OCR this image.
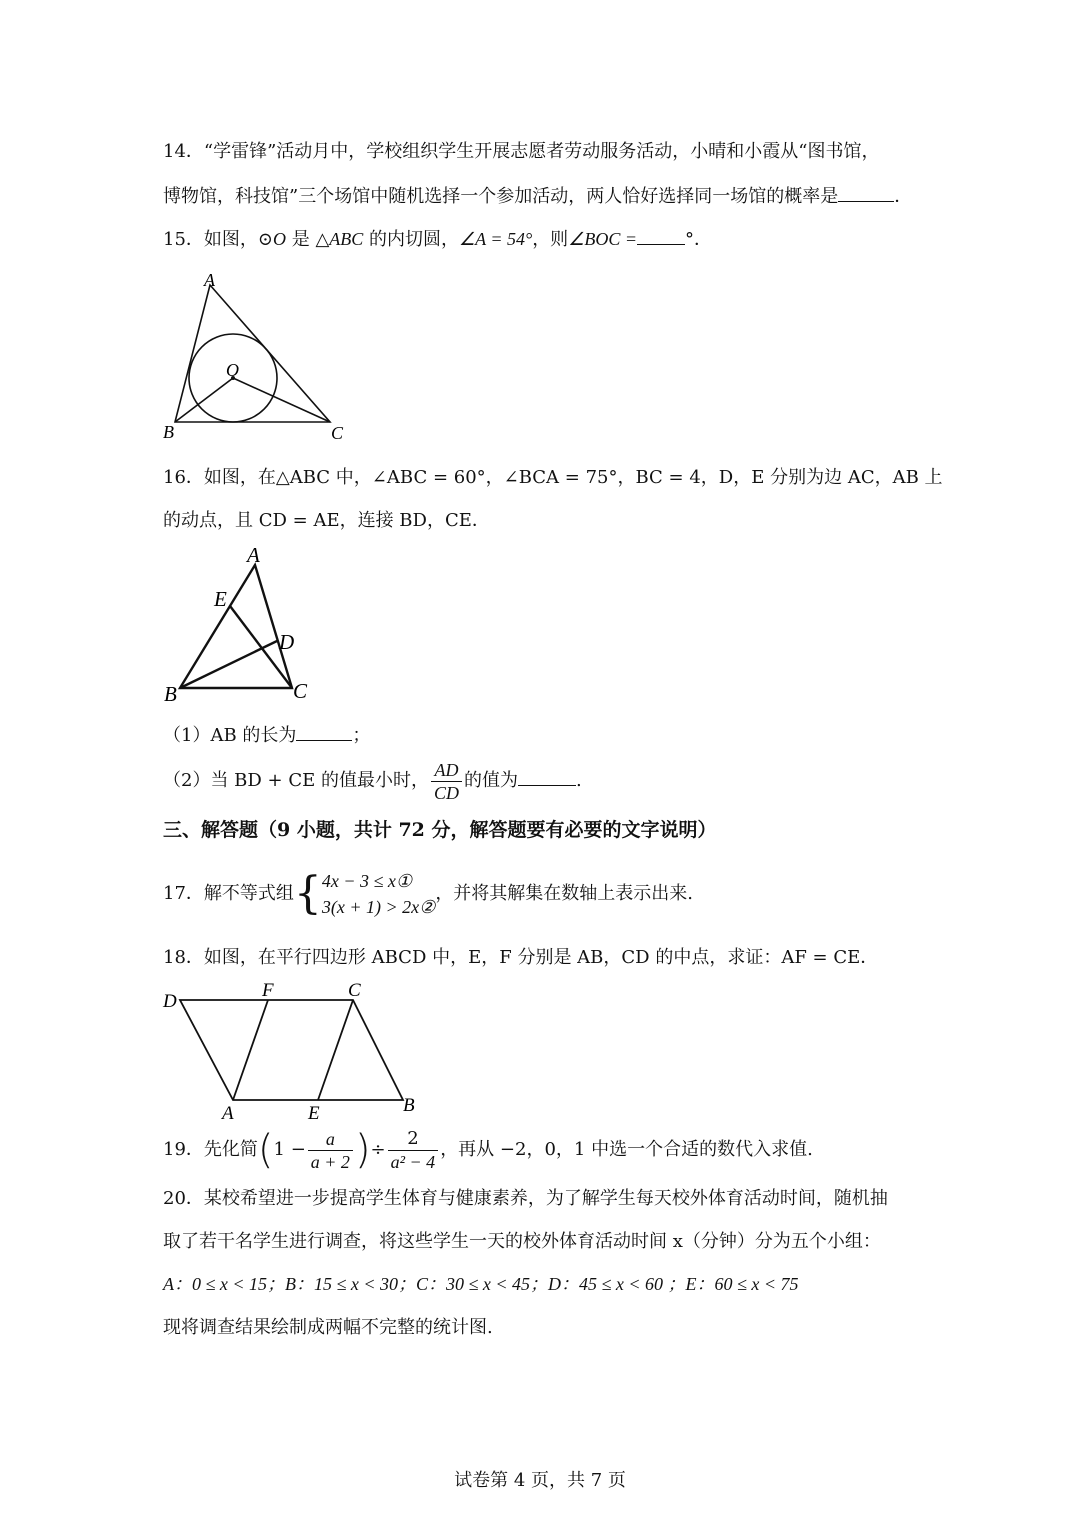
14．“学雷锋”活动月中，学校组织学生开展志愿者劳动服务活动，小晴和小霞从“图书馆，
博物馆，科技馆”三个场馆中随机选择一个参加活动，两人恰好选择同一场馆的概率是	．
15．如图，⊙O 是 △ABC 的内切圆，∠A = 54°，则∠BOC =	°．
A
B	C
O
16．如图，在△ABC 中，∠ABC = 60°，∠BCA = 75°，BC = 4，D，E 分别为边 AC，AB 上
的动点，且 CD = AE，连接 BD，CE．
A
E
D
B	C
（1）AB 的长为	；
（2）当 BD + CE 的值最小时， $\frac{AD}{CD}$ 的值为	.
三、解答题（9 小题，共计 72 分，解答题要有必要的文字说明）
17．解不等式组{ 4x − 3 ≤ x①
3(x + 1) > 2x②
，并将其解集在数轴上表示出来.
18．如图，在平行四边形 ABCD 中，E，F 分别是 AB，CD 的中点，求证：AF = CE．
D
F	C
A	E	B
19．先化简($1 - \frac{a}{a + 2}$ )÷ $\frac{2}{\text{a² − 4}}$ ，再从 −2，0，1 中选一个合适的数代入求值.
20．某校希望进一步提高学生体育与健康素养，为了解学生每天校外体育活动时间，随机抽
取了若干名学生进行调查，将这些学生一天的校外体育活动时间 x（分钟）分为五个小组：
A：0 ≤ x < 15；B：15 ≤ x < 30；C：30 ≤ x < 45；D：45 ≤ x < 60 ；E：60 ≤ x < 75
现将调查结果绘制成两幅不完整的统计图.
试卷第 4 页，共 7 页
